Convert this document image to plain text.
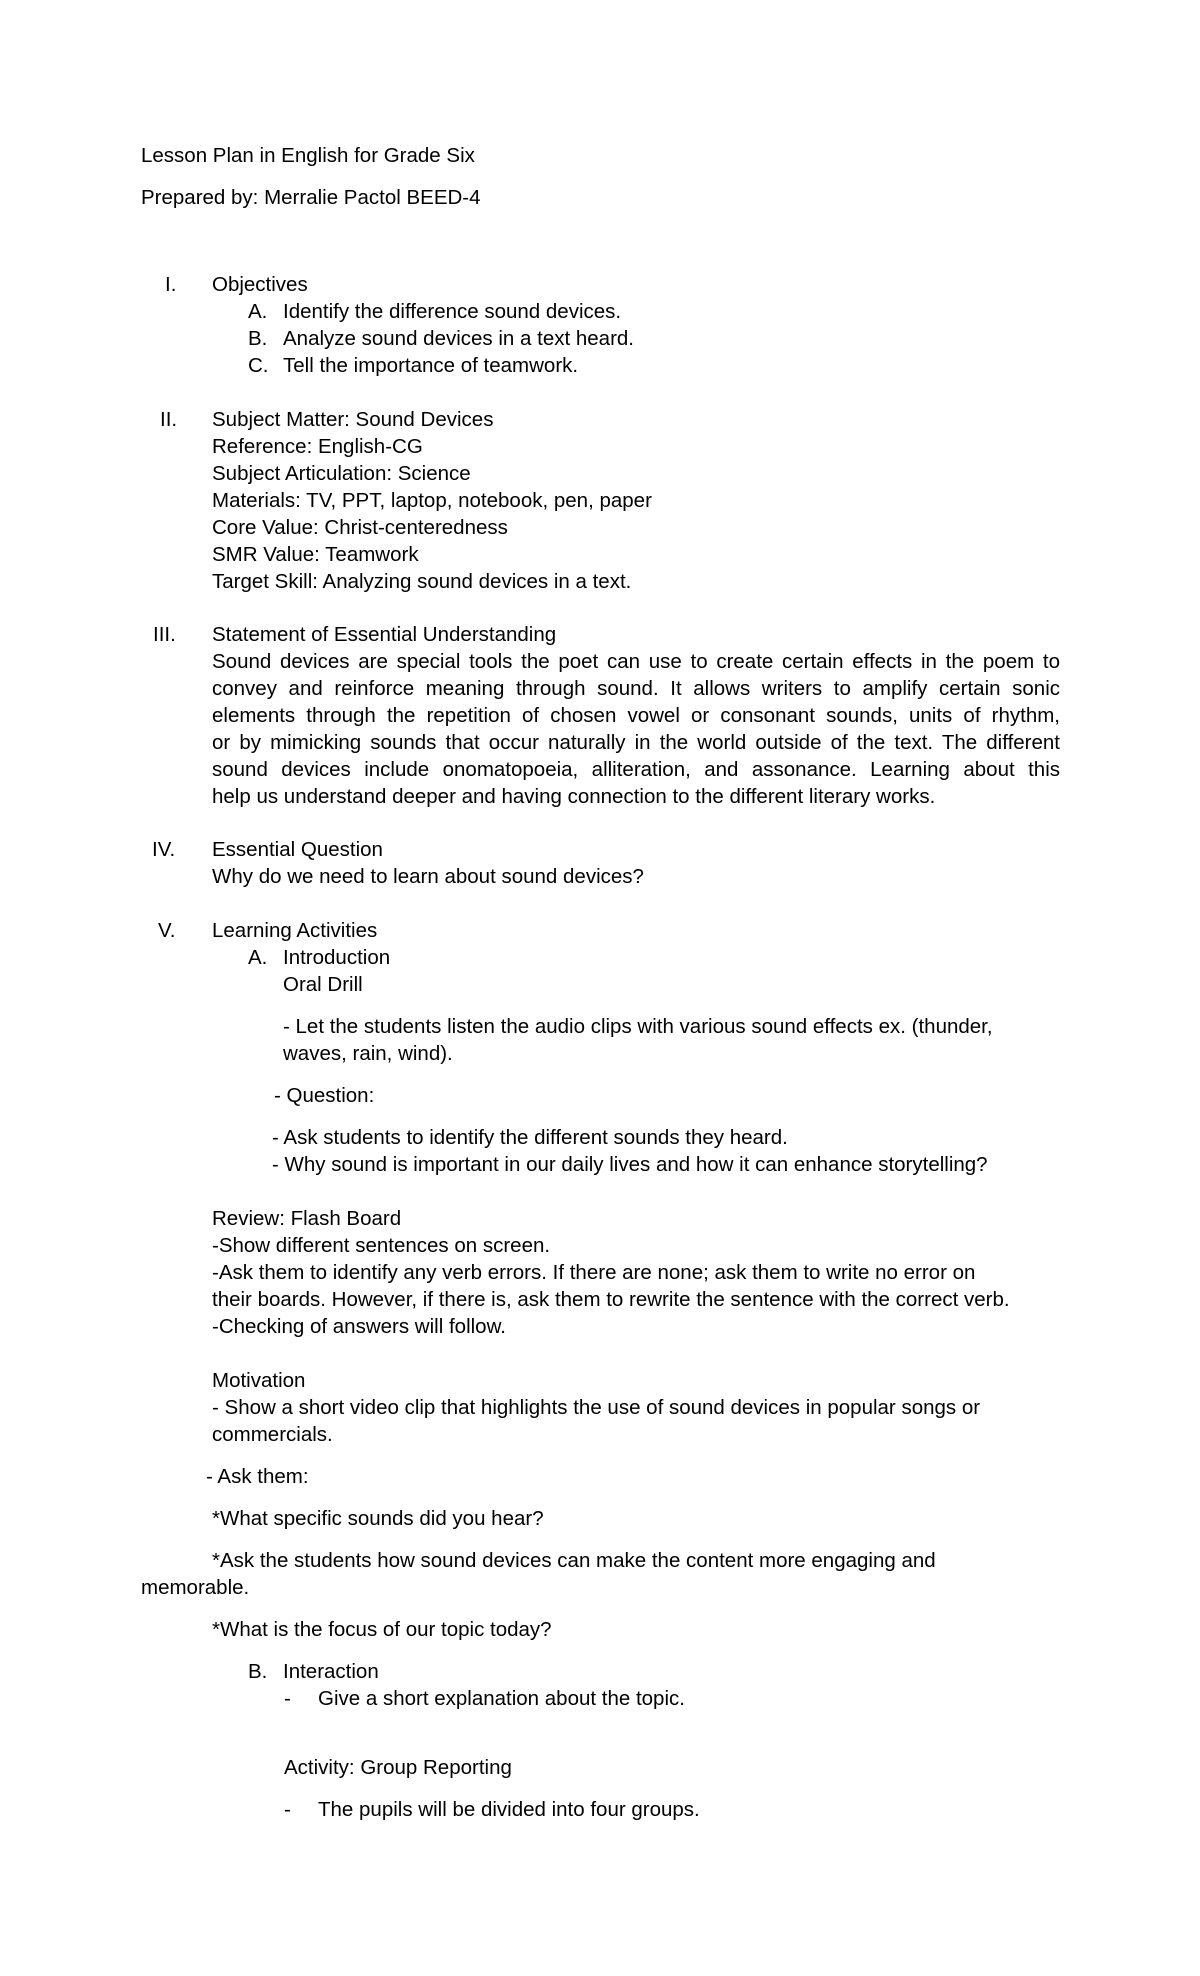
Lesson Plan in English for Grade Six
Prepared by: Merralie Pactol BEED-4
I. Objectives
A. Identify the difference sound devices.
B. Analyze sound devices in a text heard.
C. Tell the importance of teamwork.
II. Subject Matter: Sound Devices
Reference: English-CG
Subject Articulation: Science
Materials: TV, PPT, laptop, notebook, pen, paper
Core Value: Christ-centeredness
SMR Value: Teamwork
Target Skill: Analyzing sound devices in a text.
III. Statement of Essential Understanding
Sound devices are special tools the poet can use to create certain effects in the poem to
convey and reinforce meaning through sound. It allows writers to amplify certain sonic
elements through the repetition of chosen vowel or consonant sounds, units of rhythm,
or by mimicking sounds that occur naturally in the world outside of the text. The different
sound devices include onomatopoeia, alliteration, and assonance. Learning about this
help us understand deeper and having connection to the different literary works.
IV. Essential Question
Why do we need to learn about sound devices?
V. Learning Activities
A. Introduction
Oral Drill
- Let the students listen the audio clips with various sound effects ex. (thunder,
waves, rain, wind).
- Question:
- Ask students to identify the different sounds they heard.
- Why sound is important in our daily lives and how it can enhance storytelling?
Review: Flash Board
-Show different sentences on screen.
-Ask them to identify any verb errors. If there are none; ask them to write no error on
their boards. However, if there is, ask them to rewrite the sentence with the correct verb.
-Checking of answers will follow.
Motivation
- Show a short video clip that highlights the use of sound devices in popular songs or
commercials.
- Ask them:
*What specific sounds did you hear?
*Ask the students how sound devices can make the content more engaging and
memorable.
*What is the focus of our topic today?
B. Interaction
- Give a short explanation about the topic.
Activity: Group Reporting
- The pupils will be divided into four groups.
